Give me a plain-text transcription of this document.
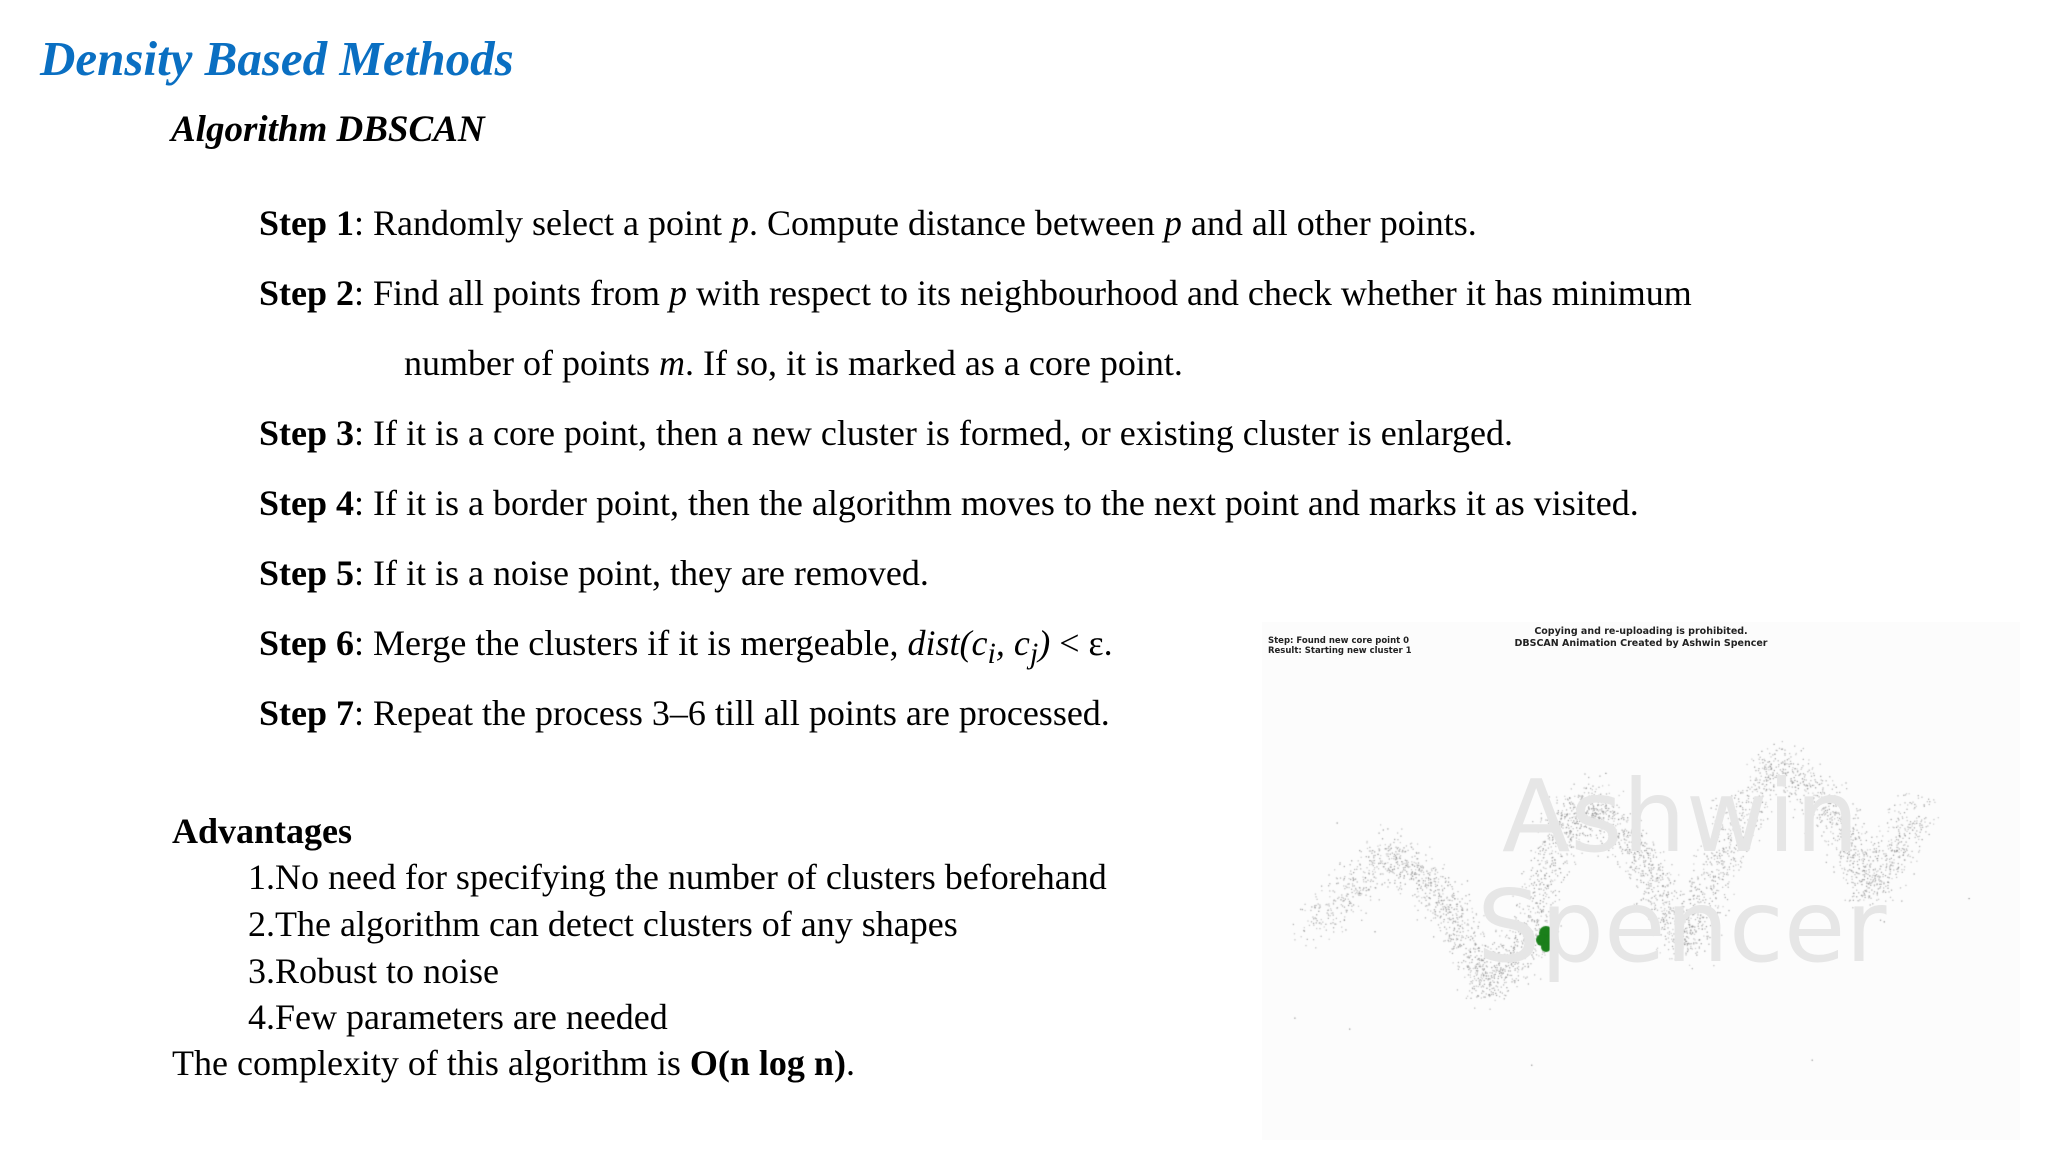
Density Based Methods
Algorithm DBSCAN
Step 1: Randomly select a point p. Compute distance between p and all other points.
Step 2: Find all points from p with respect to its neighbourhood and check whether it has minimum
number of points m. If so, it is marked as a core point.
Step 3: If it is a core point, then a new cluster is formed, or existing cluster is enlarged.
Step 4: If it is a border point, then the algorithm moves to the next point and marks it as visited.
Step 5: If it is a noise point, they are removed.
Step 6: Merge the clusters if it is mergeable, $dist(c_i$, $c_j) < \varepsilon$.
Step 7: Repeat the process 3–6 till all points are processed.
Advantages
1.No need for specifying the number of clusters beforehand
2.The algorithm can detect clusters of any shapes
3.Robust to noise
4.Few parameters are needed
The complexity of this algorithm is O(n log n).
Ashwin
Spencer
Step: Found new core point 0
Result: Starting new cluster 1
Copying and re-uploading is prohibited.
DBSCAN Animation Created by Ashwin Spencer
